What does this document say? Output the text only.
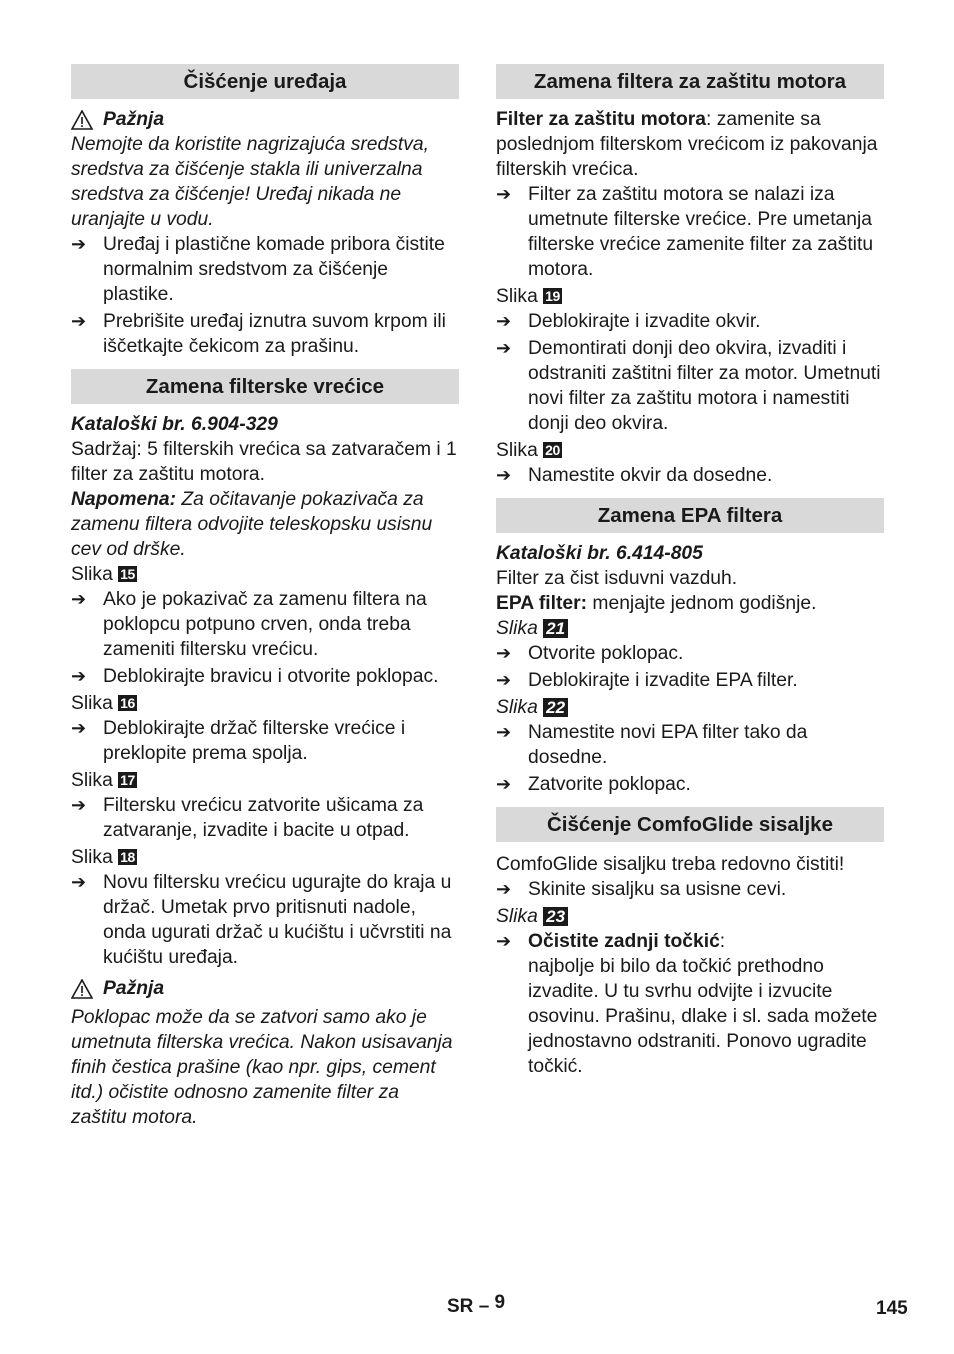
Čišćenje uređaja
Pažnja

Nemojte da koristite nagrizajuća sredstva, sredstva za čišćenje stakla ili univerzalna sredstva za čišćenje! Uređaj nikada ne uranjajte u vodu.

➔ Uređaj i plastične komade pribora čistite normalnim sredstvom za čišćenje plastike.
➔ Prebrišite uređaj iznutra suvom krpom ili iščetkajte čekicom za prašinu.
Zamena filterske vrećice

Kataloški br. 6.904-329

Sadržaj: 5 filterskih vrećica sa zatvaračem i 1 filter za zaštitu motora.

Napomena: Za očitavanje pokazivača za zamenu filtera odvojite teleskopsku usisnu cev od drške.

Slika 15

➔ Ako je pokazivač za zamenu filtera na poklopcu potpuno crven, onda treba zameniti filtersku vrećicu.
➔ Deblokirajte bravicu i otvorite poklopac.

Slika 16

➔ Deblokirajte držač filterske vrećice i preklopite prema spolja.

Slika 17

➔ Filtersku vrećicu zatvorite ušicama za zatvaranje, izvadite i bacite u otpad.

Slika 18

➔ Novu filtersku vrećicu ugurajte do kraja u držač. Umetak prvo pritisnuti nadole, onda ugurati držač u kućištu i učvrstiti na kućištu uređaja.
Pažnja

Poklopac može da se zatvori samo ako je umetnuta filterska vrećica. Nakon usisavanja finih čestica prašine (kao npr. gips, cement itd.) očistite odnosno zamenite filter za zaštitu motora.

Zamena filtera za zaštitu motora

Filter za zaštitu motora: zamenite sa poslednjom filterskom vrećicom iz pakovanja filterskih vrećica.

➔ Filter za zaštitu motora se nalazi iza umetnute filterske vrećice. Pre umetanja filterske vrećice zamenite filter za zaštitu motora.

Slika 19

➔ Deblokirajte i izvadite okvir.
➔ Demontirati donji deo okvira, izvaditi i odstraniti zaštitni filter za motor. Umetnuti novi filter za zaštitu motora i namestiti donji deo okvira.

Slika 20

➔ Namestite okvir da dosedne.
Zamena EPA filtera

Kataloški br. 6.414-805

Filter za čist isduvni vazduh.

EPA filter: menjajte jednom godišnje.

Slika 21

➔ Otvorite poklopac.
➔ Deblokirajte i izvadite EPA filter.

Slika 22

➔ Namestite novi EPA filter tako da dosedne.
➔ Zatvorite poklopac.
Čišćenje ComfoGlide sisaljke

ComfoGlide sisaljku treba redovno čistiti!

➔ Skinite sisaljku sa usisne cevi.

Slika 23

➔ Očistite zadnji točkić:
najbolje bi bilo da točkić prethodno izvadite. U tu svrhu odvijte i izvucite osovinu. Prašinu, dlake i sl. sada možete jednostavno odstraniti. Ponovo ugradite točkić.
SR – 9	145
